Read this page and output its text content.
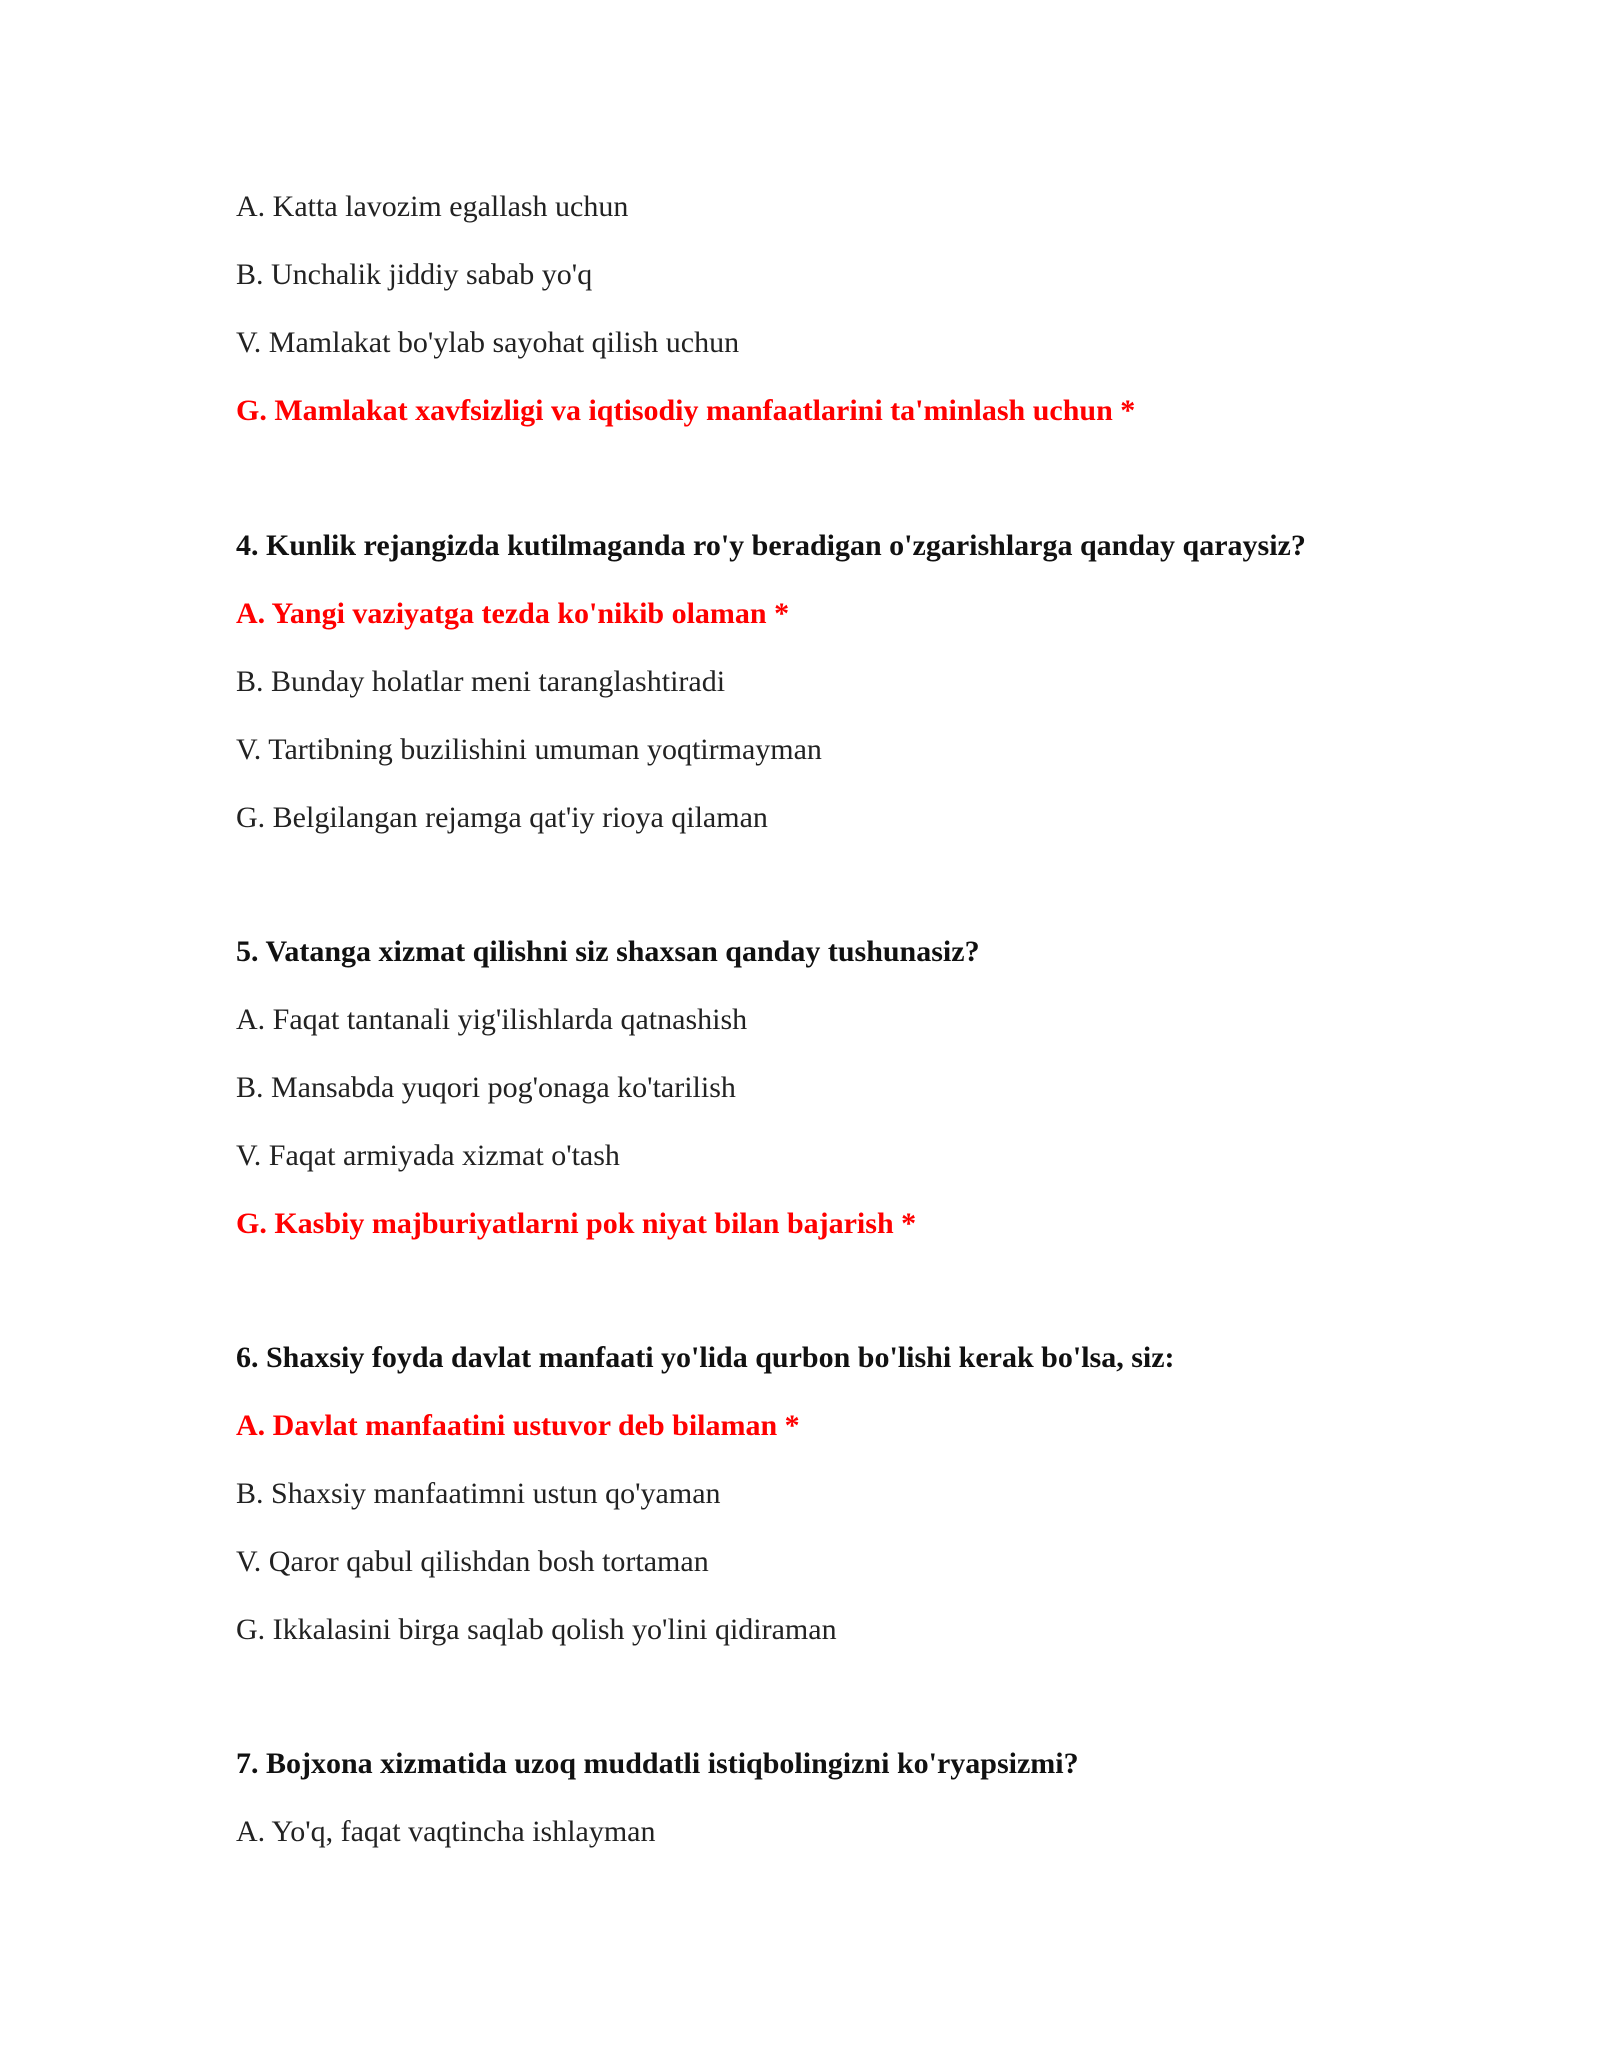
A. Katta lavozim egallash uchun
B. Unchalik jiddiy sabab yo'q
V. Mamlakat bo'ylab sayohat qilish uchun
G. Mamlakat xavfsizligi va iqtisodiy manfaatlarini ta'minlash uchun *
4. Kunlik rejangizda kutilmaganda ro'y beradigan o'zgarishlarga qanday qaraysiz?
A. Yangi vaziyatga tezda ko'nikib olaman *
B. Bunday holatlar meni taranglashtiradi
V. Tartibning buzilishini umuman yoqtirmayman
G. Belgilangan rejamga qat'iy rioya qilaman
5. Vatanga xizmat qilishni siz shaxsan qanday tushunasiz?
A. Faqat tantanali yig'ilishlarda qatnashish
B. Mansabda yuqori pog'onaga ko'tarilish
V. Faqat armiyada xizmat o'tash
G. Kasbiy majburiyatlarni pok niyat bilan bajarish *
6. Shaxsiy foyda davlat manfaati yo'lida qurbon bo'lishi kerak bo'lsa, siz:
A. Davlat manfaatini ustuvor deb bilaman *
B. Shaxsiy manfaatimni ustun qo'yaman
V. Qaror qabul qilishdan bosh tortaman
G. Ikkalasini birga saqlab qolish yo'lini qidiraman
7. Bojxona xizmatida uzoq muddatli istiqbolingizni ko'ryapsizmi?
A. Yo'q, faqat vaqtincha ishlayman
